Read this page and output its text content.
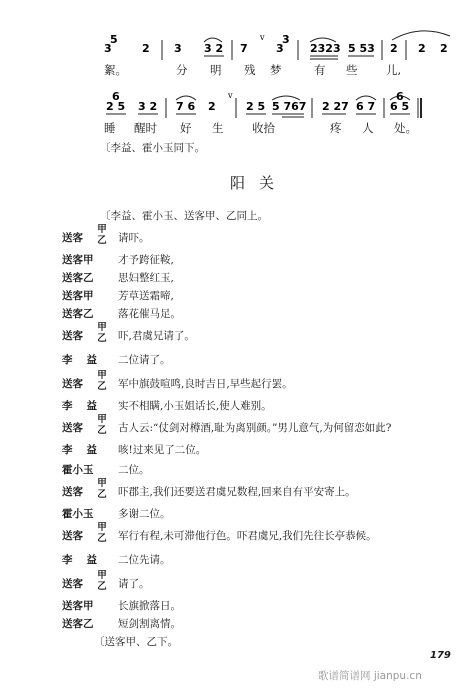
3
5
2 3 3 2 7
v
3
3
2323 5 53 2 2 2
絮。	分 明 残 梦	有 些 儿,
2 5
6
3 2 7 6 2
v
2 5 5 767 2 27 6 7 6 5
6
睡 醒时 好 生 收拾	疼 人 处。
〔李益、霍小玉同下。
阳关
〔李益、霍小玉、送客甲、乙同上。
送客
甲
乙 请吓。
送客甲 才予跨征鞍,
送客乙 思妇整红玉,
送客甲 芳草送霜啼,
送客乙 落花催马足。
送客
甲
乙 吓,君虞兄请了。
李益 二位请了。
送客
甲
乙 军中旗鼓喧鸣,良时吉日,早些起行罢。
李益 实不相瞒,小玉姐话长,使人难别。
送客
甲
乙 古人云:“仗剑对樽酒,耻为离别颜。”男儿意气,为何留恋如此?
李益 咳!过来见了二位。
霍小玉 二位。
送客
甲
乙 吓郡主,我们还要送君虞兄数程,回来自有平安寄上。
霍小玉 多谢二位。
送客
甲
乙 军行有程,未可滞他行色。吓君虞兄,我们先往长亭恭候。
李益 二位先请。
送客
甲
乙 请了。
送客甲 长旗掀落日。
送客乙 短剑割离情。
〔送客甲、乙下。
179
歌谱简谱网 jianpu.cn
